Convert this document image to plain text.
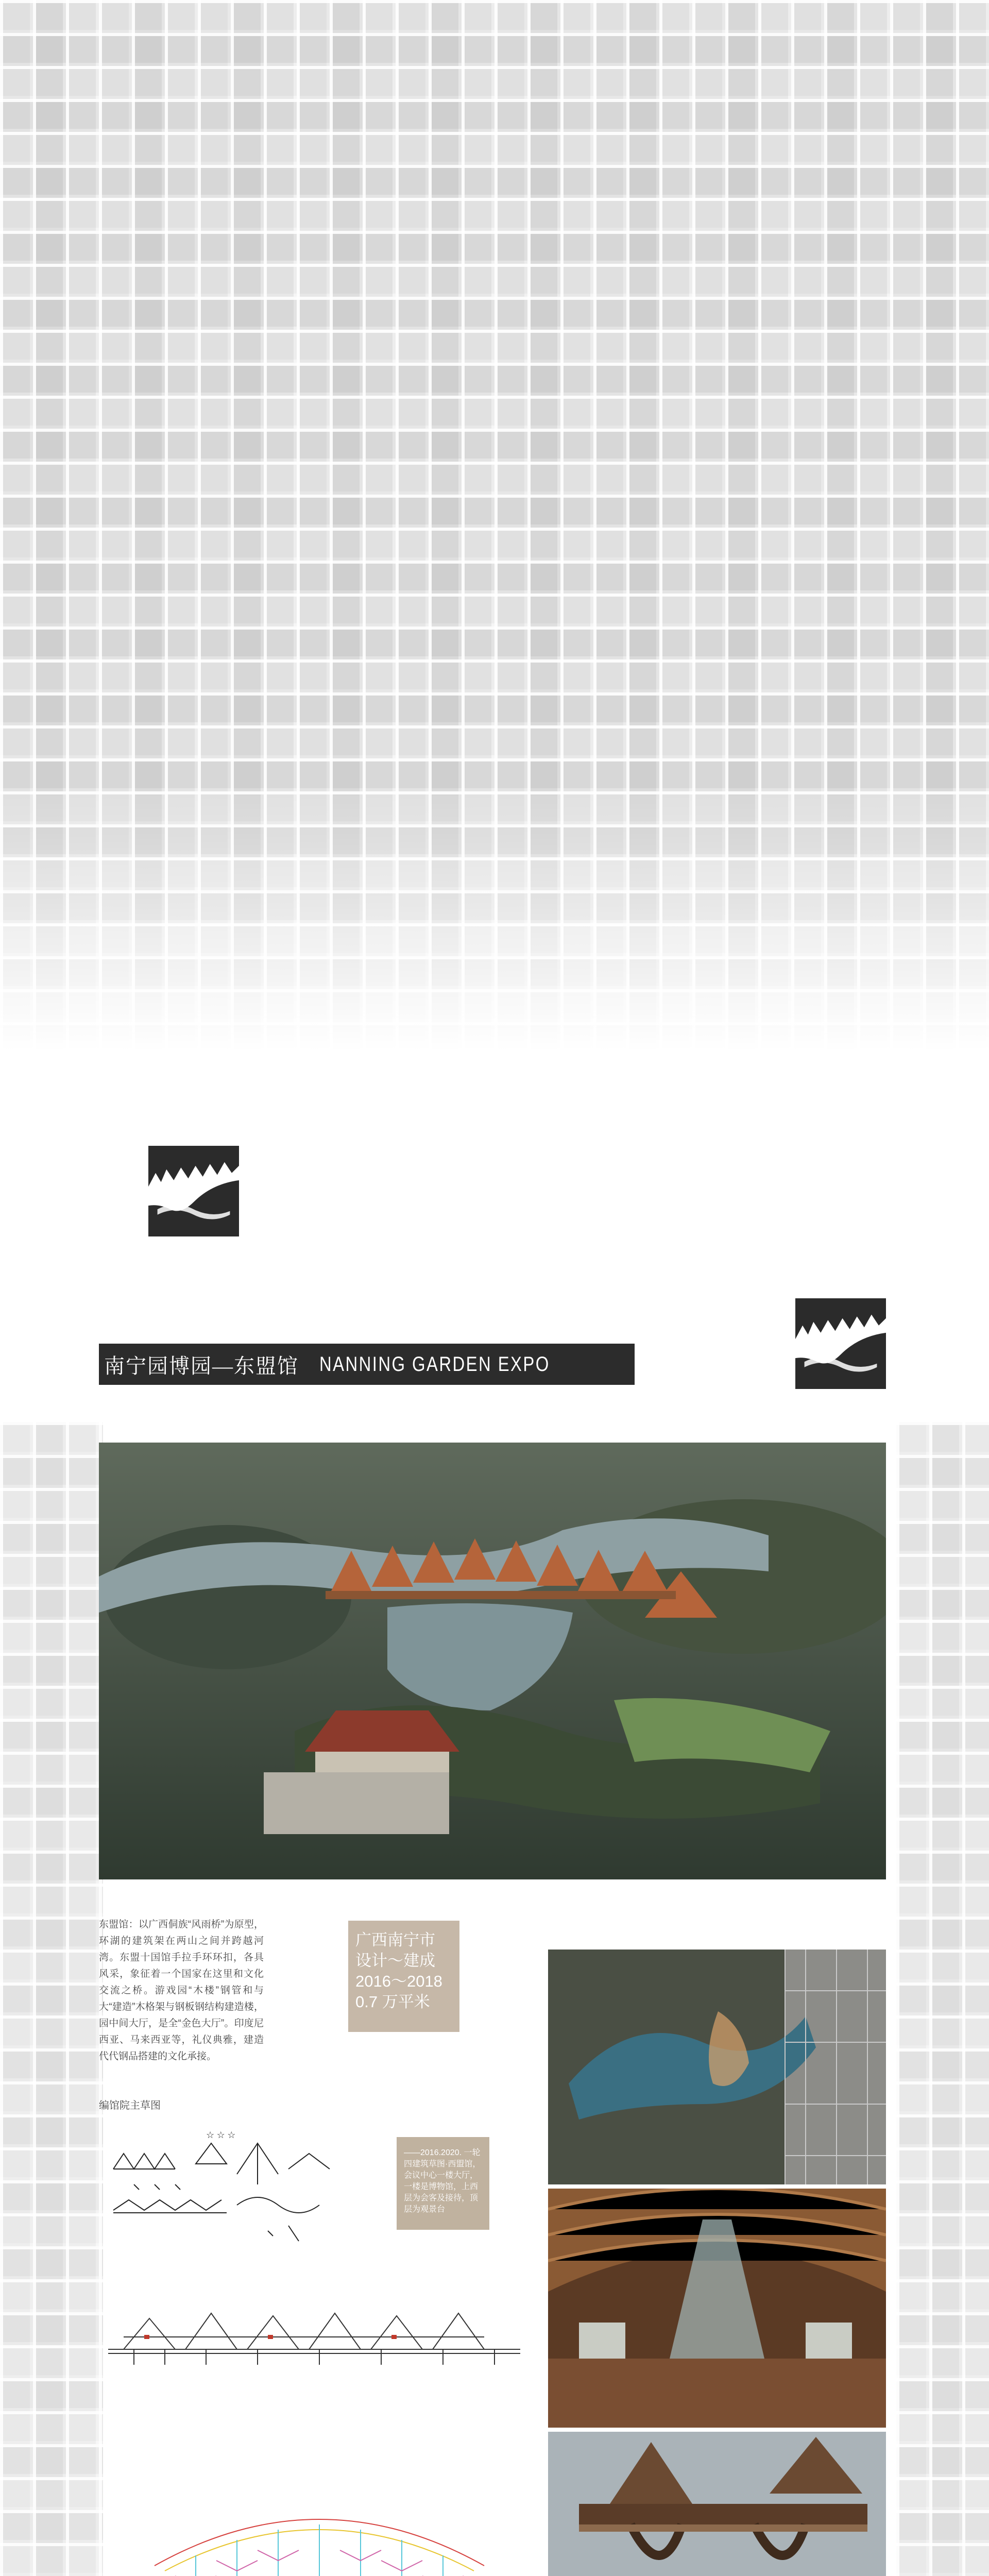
南宁园博园—东盟馆 NANNING GARDEN EXPO
东盟馆：以广西侗族“风雨桥”为原型，环湖的建筑架在两山之间并跨越河湾。东盟十国馆手拉手环环扣，各具风采，象征着一个国家在这里和文化交流之桥。游戏园“木楼”钢管和与大“建造”木格架与钢板钢结构建造楼，园中间大厅，是全“金色大厅”。印度尼西亚、马来西亚等，礼仪典雅，建造代代钢品搭建的文化承接。
广西南宁市
设计～建成
2016～2018
0.7 万平米
编馆院主草图
☆ ☆ ☆
——2016.2020. 一轮四建筑草图·西盟馆，会议中心一楼大厅，一楼是博物馆，上西层为会客及接待，顶层为观景台
